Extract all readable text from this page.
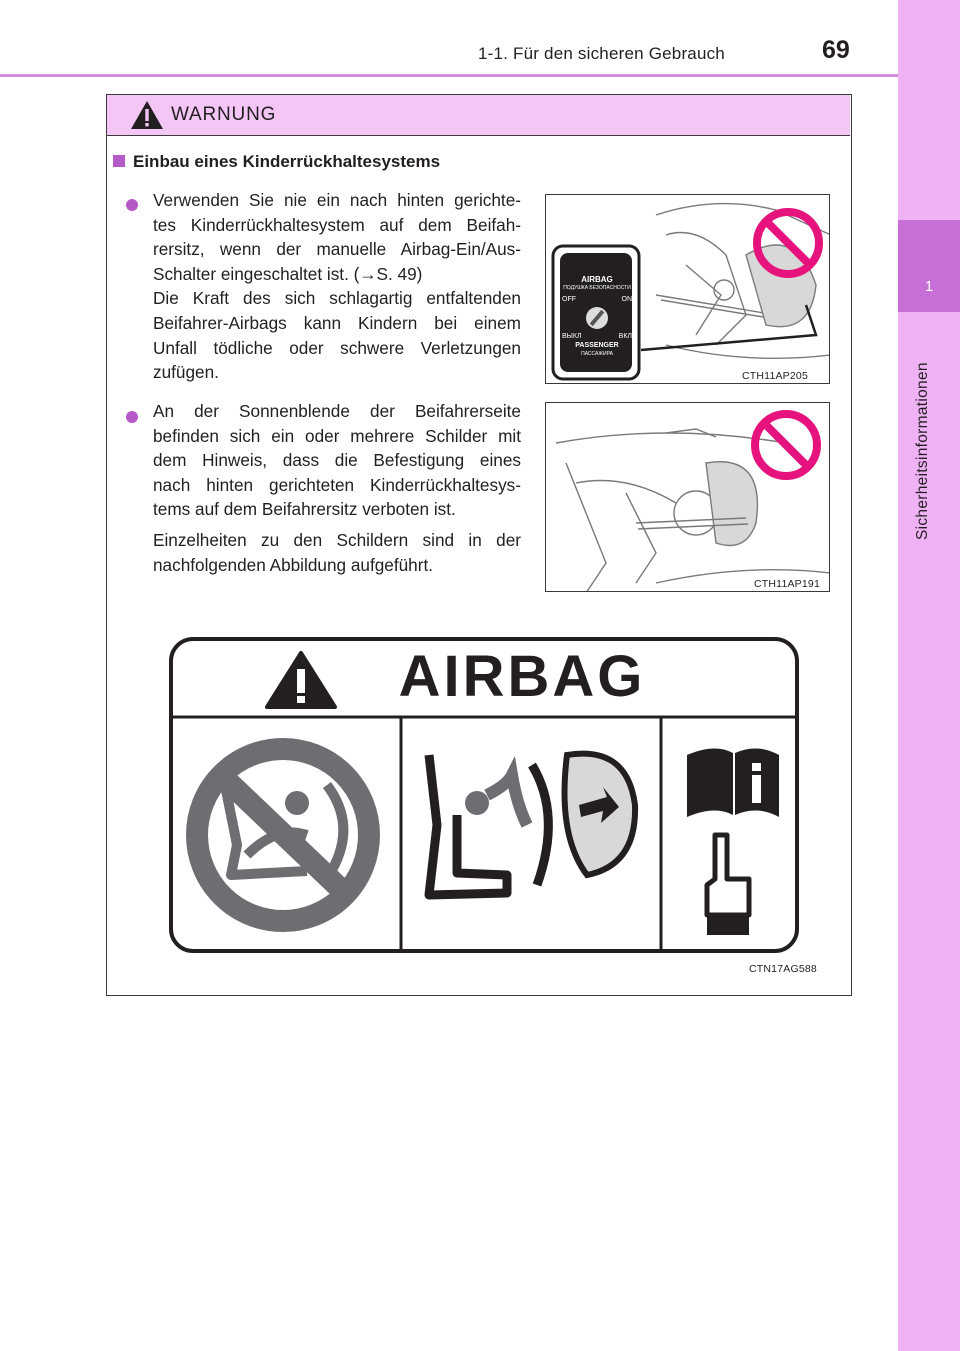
1-1. Für den sicheren Gebrauch	69
1
Sicherheitsinformationen
WARNUNG
Einbau eines Kinderrückhaltesystems
Verwenden Sie nie ein nach hinten gerichte-
tes Kinderrückhaltesystem auf dem Beifah-
rersitz, wenn der manuelle Airbag-Ein/Aus-
Schalter eingeschaltet ist. (→S. 49)
Die Kraft des sich schlagartig entfaltenden
Beifahrer-Airbags kann Kindern bei einem
Unfall tödliche oder schwere Verletzungen
zufügen.
An der Sonnenblende der Beifahrerseite
befinden sich ein oder mehrere Schilder mit
dem Hinweis, dass die Befestigung eines
nach hinten gerichteten Kinderrückhaltesys-
tems auf dem Beifahrersitz verboten ist.
Einzelheiten zu den Schildern sind in der
nachfolgenden Abbildung aufgeführt.
AIRBAG
ПОДУШКА БЕЗОПАСНОСТИ
OFF	ON
ВЫКЛ	ВКЛ
PASSENGER
ПАССАЖИРА
CTH11AP205
CTH11AP191
AIRBAG
CTN17AG588
